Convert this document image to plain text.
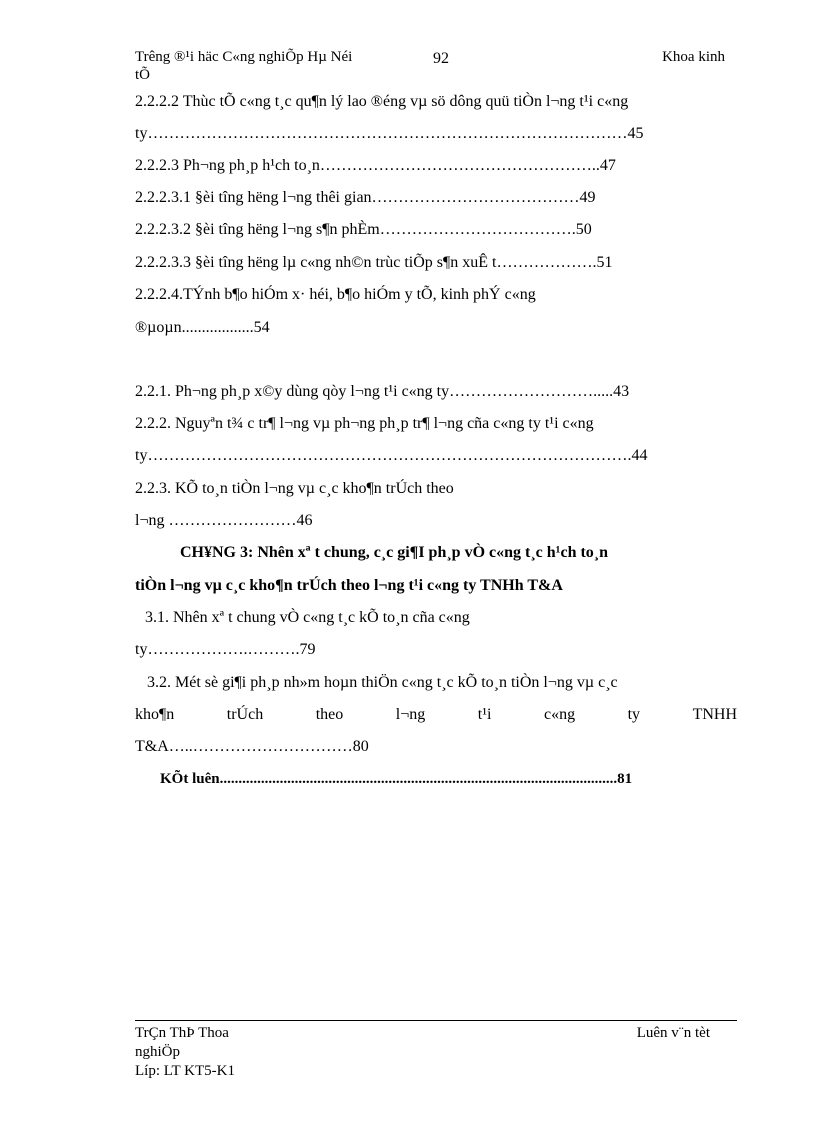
Trêng ®¹i häc C«ng nghiÕp Hµ Néi
tÕ
92	Khoa kinh
2.2.2.2 Thùc tÕ c«ng t¸c qu¶n lý lao ®éng vµ sö dông quü tiÒn l¬ng t¹i c«ng
ty………………………………………………………………………………45
2.2.2.3 Ph¬ng ph¸p h¹ch to¸n……………………………………………..47
2.2.2.3.1 §èi tîng hëng l¬ng thêi gian…………………………………49
2.2.2.3.2 §èi tîng hëng l¬ng s¶n phÈm……………………………….50
2.2.2.3.3 §èi tîng hëng lµ c«ng nh©n trùc tiÕp s¶n xuÊ t……………….51
2.2.2.4.TÝnh b¶o hiÓm x· héi, b¶o hiÓm y tÕ, kinh phÝ c«ng
®µoµn..................54
2.2.1. Ph¬ng ph¸p x©y dùng qòy l¬ng t¹i c«ng ty……………………….....43
2.2.2. Nguyªn t¾ c tr¶ l¬ng vµ ph¬ng ph¸p tr¶ l¬ng cña c«ng ty t¹i c«ng
ty……………………………………………………………………………….44
2.2.3. KÕ to¸n tiÒn l¬ng vµ c¸c kho¶n trÚch theo
l¬ng ……………………46
CH¥NG 3: Nhên xª t chung, c¸c gi¶I ph¸p vÒ c«ng t¸c h¹ch to¸n
tiÒn l¬ng vµ c¸c kho¶n trÚch theo l¬ng t¹i c«ng ty TNHh T&A
3.1. Nhên xª t chung vÒ c«ng t¸c kÕ to¸n cña c«ng
ty……………….……….79
3.2. Mét sè gi¶i ph¸p nh»m hoµn thiÖn c«ng t¸c kÕ to¸n tiÒn l¬ng vµ c¸c
kho¶n	trÚch	theo	l¬ng	t¹i	c«ng	ty	TNHH
T&A…..…………………………80
KÕt luên..........................................................................................................81
TrÇn ThÞ Thoa
nghiÖp
Líp: LT KT5-K1
Luên v¨n tèt
